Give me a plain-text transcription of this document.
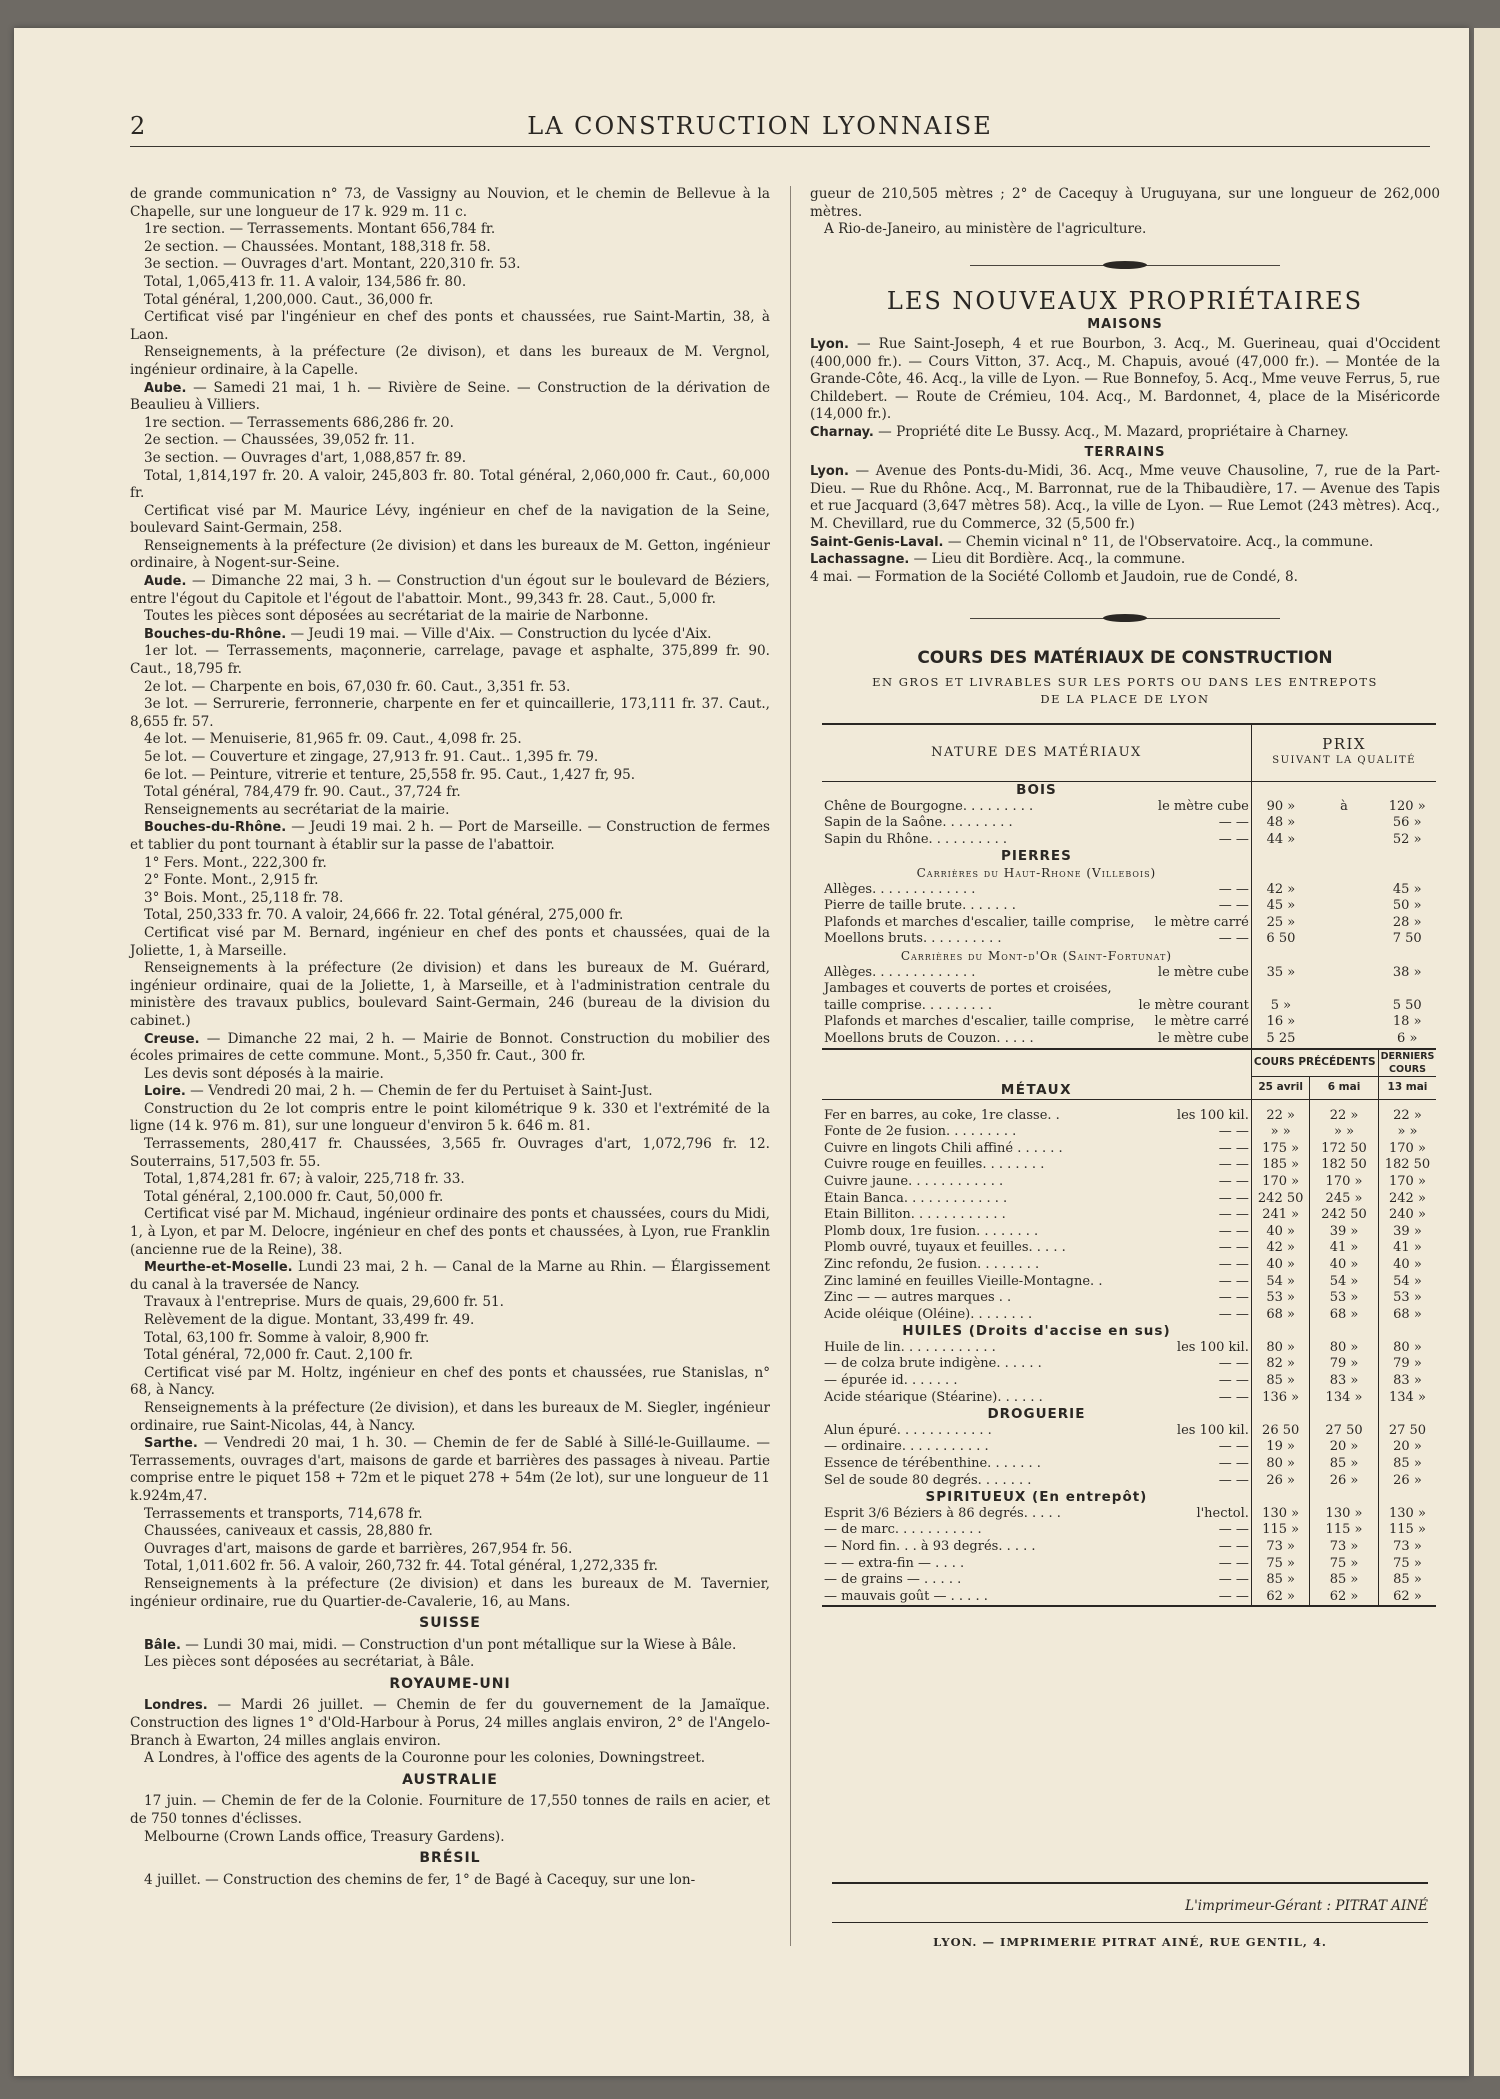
2	LA CONSTRUCTION LYONNAISE

de grande communication n° 73, de Vassigny au Nouvion, et le chemin de Bellevue à la Chapelle, sur une longueur de 17 k. 929 m. 11 c.

1re section. — Terrassements. Montant 656,784 fr.

2e section. — Chaussées. Montant, 188,318 fr. 58.

3e section. — Ouvrages d'art. Montant, 220,310 fr. 53.

Total, 1,065,413 fr. 11. A valoir, 134,586 fr. 80.

Total général, 1,200,000. Caut., 36,000 fr.

Certificat visé par l'ingénieur en chef des ponts et chaussées, rue Saint-Martin, 38, à Laon.

Renseignements, à la préfecture (2e divison), et dans les bureaux de M. Vergnol, ingénieur ordinaire, à la Capelle.

Aube. — Samedi 21 mai, 1 h. — Rivière de Seine. — Construction de la dérivation de Beaulieu à Villiers.

1re section. — Terrassements 686,286 fr. 20.

2e section. — Chaussées, 39,052 fr. 11.

3e section. — Ouvrages d'art, 1,088,857 fr. 89.

Total, 1,814,197 fr. 20. A valoir, 245,803 fr. 80. Total général, 2,060,000 fr. Caut., 60,000 fr.

Certificat visé par M. Maurice Lévy, ingénieur en chef de la navigation de la Seine, boulevard Saint-Germain, 258.

Renseignements à la préfecture (2e division) et dans les bureaux de M. Getton, ingénieur ordinaire, à Nogent-sur-Seine.

Aude. — Dimanche 22 mai, 3 h. — Construction d'un égout sur le boulevard de Béziers, entre l'égout du Capitole et l'égout de l'abattoir. Mont., 99,343 fr. 28. Caut., 5,000 fr.

Toutes les pièces sont déposées au secrétariat de la mairie de Narbonne.

Bouches-du-Rhône. — Jeudi 19 mai. — Ville d'Aix. — Construction du lycée d'Aix.

1er lot. — Terrassements, maçonnerie, carrelage, pavage et asphalte, 375,899 fr. 90. Caut., 18,795 fr.

2e lot. — Charpente en bois, 67,030 fr. 60. Caut., 3,351 fr. 53.

3e lot. — Serrurerie, ferronnerie, charpente en fer et quincaillerie, 173,111 fr. 37. Caut., 8,655 fr. 57.

4e lot. — Menuiserie, 81,965 fr. 09. Caut., 4,098 fr. 25.

5e lot. — Couverture et zingage, 27,913 fr. 91. Caut.. 1,395 fr. 79.

6e lot. — Peinture, vitrerie et tenture, 25,558 fr. 95. Caut., 1,427 fr, 95.

Total général, 784,479 fr. 90. Caut., 37,724 fr.

Renseignements au secrétariat de la mairie.

Bouches-du-Rhône. — Jeudi 19 mai. 2 h. — Port de Marseille. — Construction de fermes et tablier du pont tournant à établir sur la passe de l'abattoir.

1° Fers. Mont., 222,300 fr.

2° Fonte. Mont., 2,915 fr.

3° Bois. Mont., 25,118 fr. 78.

Total, 250,333 fr. 70. A valoir, 24,666 fr. 22. Total général, 275,000 fr.

Certificat visé par M. Bernard, ingénieur en chef des ponts et chaussées, quai de la Joliette, 1, à Marseille.

Renseignements à la préfecture (2e division) et dans les bureaux de M. Guérard, ingénieur ordinaire, quai de la Joliette, 1, à Marseille, et à l'administration centrale du ministère des travaux publics, boulevard Saint-Germain, 246 (bureau de la division du cabinet.)

Creuse. — Dimanche 22 mai, 2 h. — Mairie de Bonnot. Construction du mobilier des écoles primaires de cette commune. Mont., 5,350 fr. Caut., 300 fr.

Les devis sont déposés à la mairie.

Loire. — Vendredi 20 mai, 2 h. — Chemin de fer du Pertuiset à Saint-Just.

Construction du 2e lot compris entre le point kilométrique 9 k. 330 et l'extrémité de la ligne (14 k. 976 m. 81), sur une longueur d'environ 5 k. 646 m. 81.

Terrassements, 280,417 fr. Chaussées, 3,565 fr. Ouvrages d'art, 1,072,796 fr. 12. Souterrains, 517,503 fr. 55.

Total, 1,874,281 fr. 67; à valoir, 225,718 fr. 33.

Total général, 2,100.000 fr. Caut, 50,000 fr.

Certificat visé par M. Michaud, ingénieur ordinaire des ponts et chaussées, cours du Midi, 1, à Lyon, et par M. Delocre, ingénieur en chef des ponts et chaussées, à Lyon, rue Franklin (ancienne rue de la Reine), 38.

Meurthe-et-Moselle. Lundi 23 mai, 2 h. — Canal de la Marne au Rhin. — Élargissement du canal à la traversée de Nancy.

Travaux à l'entreprise. Murs de quais, 29,600 fr. 51.

Relèvement de la digue. Montant, 33,499 fr. 49.

Total, 63,100 fr. Somme à valoir, 8,900 fr.

Total général, 72,000 fr. Caut. 2,100 fr.

Certificat visé par M. Holtz, ingénieur en chef des ponts et chaussées, rue Stanislas, n° 68, à Nancy.

Renseignements à la préfecture (2e division), et dans les bureaux de M. Siegler, ingénieur ordinaire, rue Saint-Nicolas, 44, à Nancy.

Sarthe. — Vendredi 20 mai, 1 h. 30. — Chemin de fer de Sablé à Sillé-le-Guillaume. — Terrassements, ouvrages d'art, maisons de garde et barrières des passages à niveau. Partie comprise entre le piquet 158 + 72m et le piquet 278 + 54m (2e lot), sur une longueur de 11 k.924m,47.

Terrassements et transports, 714,678 fr.

Chaussées, caniveaux et cassis, 28,880 fr.

Ouvrages d'art, maisons de garde et barrières, 267,954 fr. 56.

Total, 1,011.602 fr. 56. A valoir, 260,732 fr. 44. Total général, 1,272,335 fr.

Renseignements à la préfecture (2e division) et dans les bureaux de M. Tavernier, ingénieur ordinaire, rue du Quartier-de-Cavalerie, 16, au Mans.

SUISSE

Bâle. — Lundi 30 mai, midi. — Construction d'un pont métallique sur la Wiese à Bâle.

Les pièces sont déposées au secrétariat, à Bâle.

ROYAUME-UNI

Londres. — Mardi 26 juillet. — Chemin de fer du gouvernement de la Jamaïque. Construction des lignes 1° d'Old-Harbour à Porus, 24 milles anglais environ, 2° de l'Angelo-Branch à Ewarton, 24 milles anglais environ.

A Londres, à l'office des agents de la Couronne pour les colonies, Downingstreet.

AUSTRALIE

17 juin. — Chemin de fer de la Colonie. Fourniture de 17,550 tonnes de rails en acier, et de 750 tonnes d'éclisses.

Melbourne (Crown Lands office, Treasury Gardens).

BRÉSIL

4 juillet. — Construction des chemins de fer, 1° de Bagé à Cacequy, sur une lon-

gueur de 210,505 mètres ; 2° de Cacequy à Uruguyana, sur une longueur de 262,000 mètres.

A Rio-de-Janeiro, au ministère de l'agriculture.

LES NOUVEAUX PROPRIÉTAIRES
MAISONS

Lyon. — Rue Saint-Joseph, 4 et rue Bourbon, 3. Acq., M. Guerineau, quai d'Occident (400,000 fr.). — Cours Vitton, 37. Acq., M. Chapuis, avoué (47,000 fr.). — Montée de la Grande-Côte, 46. Acq., la ville de Lyon. — Rue Bonnefoy, 5. Acq., Mme veuve Ferrus, 5, rue Childebert. — Route de Crémieu, 104. Acq., M. Bardonnet, 4, place de la Miséricorde (14,000 fr.).

Charnay. — Propriété dite Le Bussy. Acq., M. Mazard, propriétaire à Charney.

TERRAINS

Lyon. — Avenue des Ponts-du-Midi, 36. Acq., Mme veuve Chausoline, 7, rue de la Part-Dieu. — Rue du Rhône. Acq., M. Barronnat, rue de la Thibaudière, 17. — Avenue des Tapis et rue Jacquard (3,647 mètres 58). Acq., la ville de Lyon. — Rue Lemot (243 mètres). Acq., M. Chevillard, rue du Commerce, 32 (5,500 fr.)

Saint-Genis-Laval. — Chemin vicinal n° 11, de l'Observatoire. Acq., la commune.

Lachassagne. — Lieu dit Bordière. Acq., la commune.

4 mai. — Formation de la Société Collomb et Jaudoin, rue de Condé, 8.

COURS DES MATÉRIAUX DE CONSTRUCTION

EN GROS ET LIVRABLES SUR LES PORTS OU DANS LES ENTREPOTS

DE LA PLACE DE LYON

NATURE DES MATÉRIAUX		PRIX
SUIVANT LA QUALITÉ		

BOIS				
Chêne de Bourgogne. . . . . . . . .	le mètre cube	90 »	à	120 »
Sapin de la Saône. . . . . . . . .	— —	48 »		56 »
Sapin du Rhône. . . . . . . . . .	— —	44 »		52 »
PIERRES				
Carrières du Haut-Rhone (Villebois)				
Allèges. . . . . . . . . . . . .	— —	42 »		45 »
Pierre de taille brute. . . . . . .	— —	45 »		50 »
Plafonds et marches d'escalier, taille comprise,	le mètre carré	25 »		28 »
Moellons bruts. . . . . . . . . .	— —	6 50		7 50
Carrières du Mont-d'Or (Saint-Fortunat)				
Allèges. . . . . . . . . . . . .	le mètre cube	35 »		38 »
Jambages et couverts de portes et croisées,				
taille comprise. . . . . . . . .	le mètre courant	5 »		5 50
Plafonds et marches d'escalier, taille comprise,	le mètre carré	16 »		18 »
Moellons bruts de Couzon. . . . .	le mètre cube	5 25		6 »
MÉTAUX		COURS PRÉCÉDENTS		DERNIERS COURS
		25 avril	6 mai	13 mai

Fer en barres, au coke, 1re classe. .	les 100 kil.	22 »	22 »	22 »
Fonte de 2e fusion. . . . . . . . .	— —	» »	» »	» »
Cuivre en lingots Chili affiné . . . . . .	— —	175 »	172 50	170 »
Cuivre rouge en feuilles. . . . . . . .	— —	185 »	182 50	182 50
Cuivre jaune. . . . . . . . . . . .	— —	170 »	170 »	170 »
Étain Banca. . . . . . . . . . . . .	— —	242 50	245 »	242 »
Etain Billiton. . . . . . . . . . . .	— —	241 »	242 50	240 »
Plomb doux, 1re fusion. . . . . . . .	— —	40 »	39 »	39 »
Plomb ouvré, tuyaux et feuilles. . . . .	— —	42 »	41 »	41 »
Zinc refondu, 2e fusion. . . . . . . .	— —	40 »	40 »	40 »
Zinc laminé en feuilles Vieille-Montagne. .	— —	54 »	54 »	54 »
Zinc — — autres marques . .	— —	53 »	53 »	53 »
Acide oléique (Oléine). . . . . . . .	— —	68 »	68 »	68 »
HUILES (Droits d'accise en sus)				
Huile de lin. . . . . . . . . . . .	les 100 kil.	80 »	80 »	80 »
— de colza brute indigène. . . . . .	— —	82 »	79 »	79 »
— épurée id. . . . . . .	— —	85 »	83 »	83 »
Acide stéarique (Stéarine). . . . . .	— —	136 »	134 »	134 »
DROGUERIE				
Alun épuré. . . . . . . . . . . .	les 100 kil.	26 50	27 50	27 50
— ordinaire. . . . . . . . . . .	— —	19 »	20 »	20 »
Essence de térébenthine. . . . . . .	— —	80 »	85 »	85 »
Sel de soude 80 degrés. . . . . . .	— —	26 »	26 »	26 »
SPIRITUEUX (En entrepôt)				
Esprit 3/6 Béziers à 86 degrés. . . . .	l'hectol.	130 »	130 »	130 »
— de marc. . . . . . . . . . .	— —	115 »	115 »	115 »
— Nord fin. . . à 93 degrés. . . . .	— —	73 »	73 »	73 »
— — extra-fin — . . . .	— —	75 »	75 »	75 »
— de grains — . . . . .	— —	85 »	85 »	85 »
— mauvais goût — . . . . .	— —	62 »	62 »	62 »

L'imprimeur-Gérant : PITRAT AINÉ
LYON. — IMPRIMERIE PITRAT AINÉ, RUE GENTIL, 4.
